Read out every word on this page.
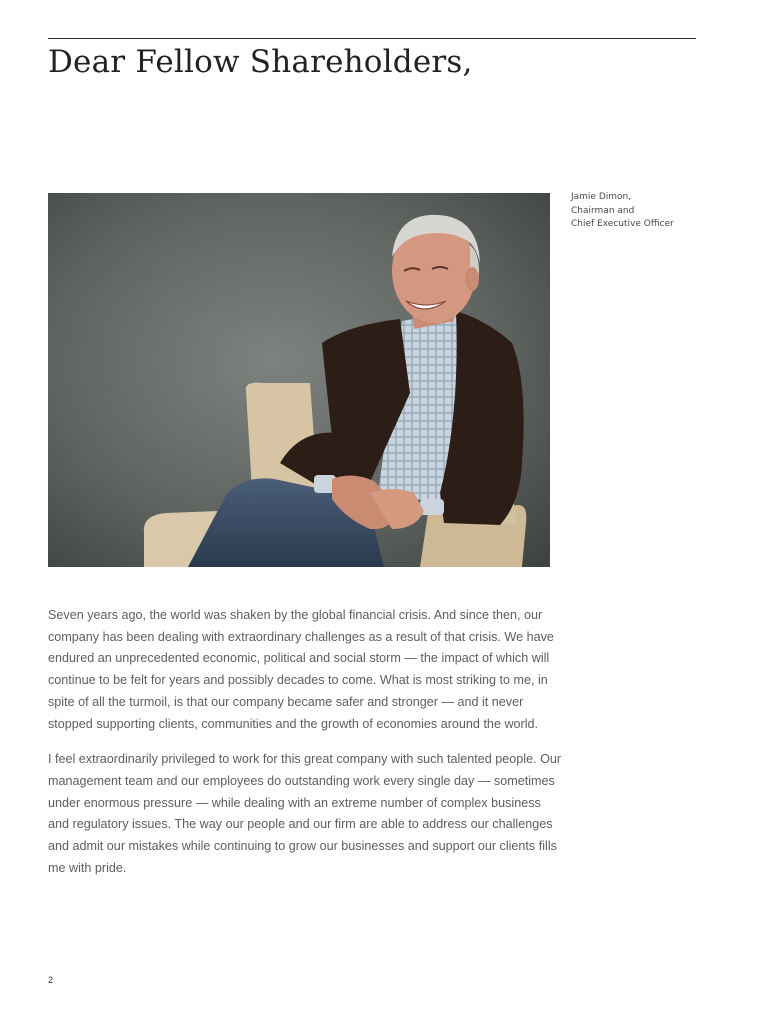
Dear Fellow Shareholders,
Jamie Dimon,
Chairman and
Chief Executive Officer

Seven years ago, the world was shaken by the global financial crisis. And since then, our company has been dealing with extraordinary challenges as a result of that crisis. We have endured an unprecedented economic, political and social storm — the impact of which will continue to be felt for years and possibly decades to come. What is most striking to me, in spite of all the turmoil, is that our company became safer and stronger — and it never stopped supporting clients, communities and the growth of economies around the world.

I feel extraordinarily privileged to work for this great company with such talented people. Our management team and our employees do outstanding work every single day — sometimes under enormous pressure — while dealing with an extreme number of complex business and regulatory issues. The way our people and our firm are able to address our challenges and admit our mistakes while continuing to grow our businesses and support our clients fills me with pride.

2
